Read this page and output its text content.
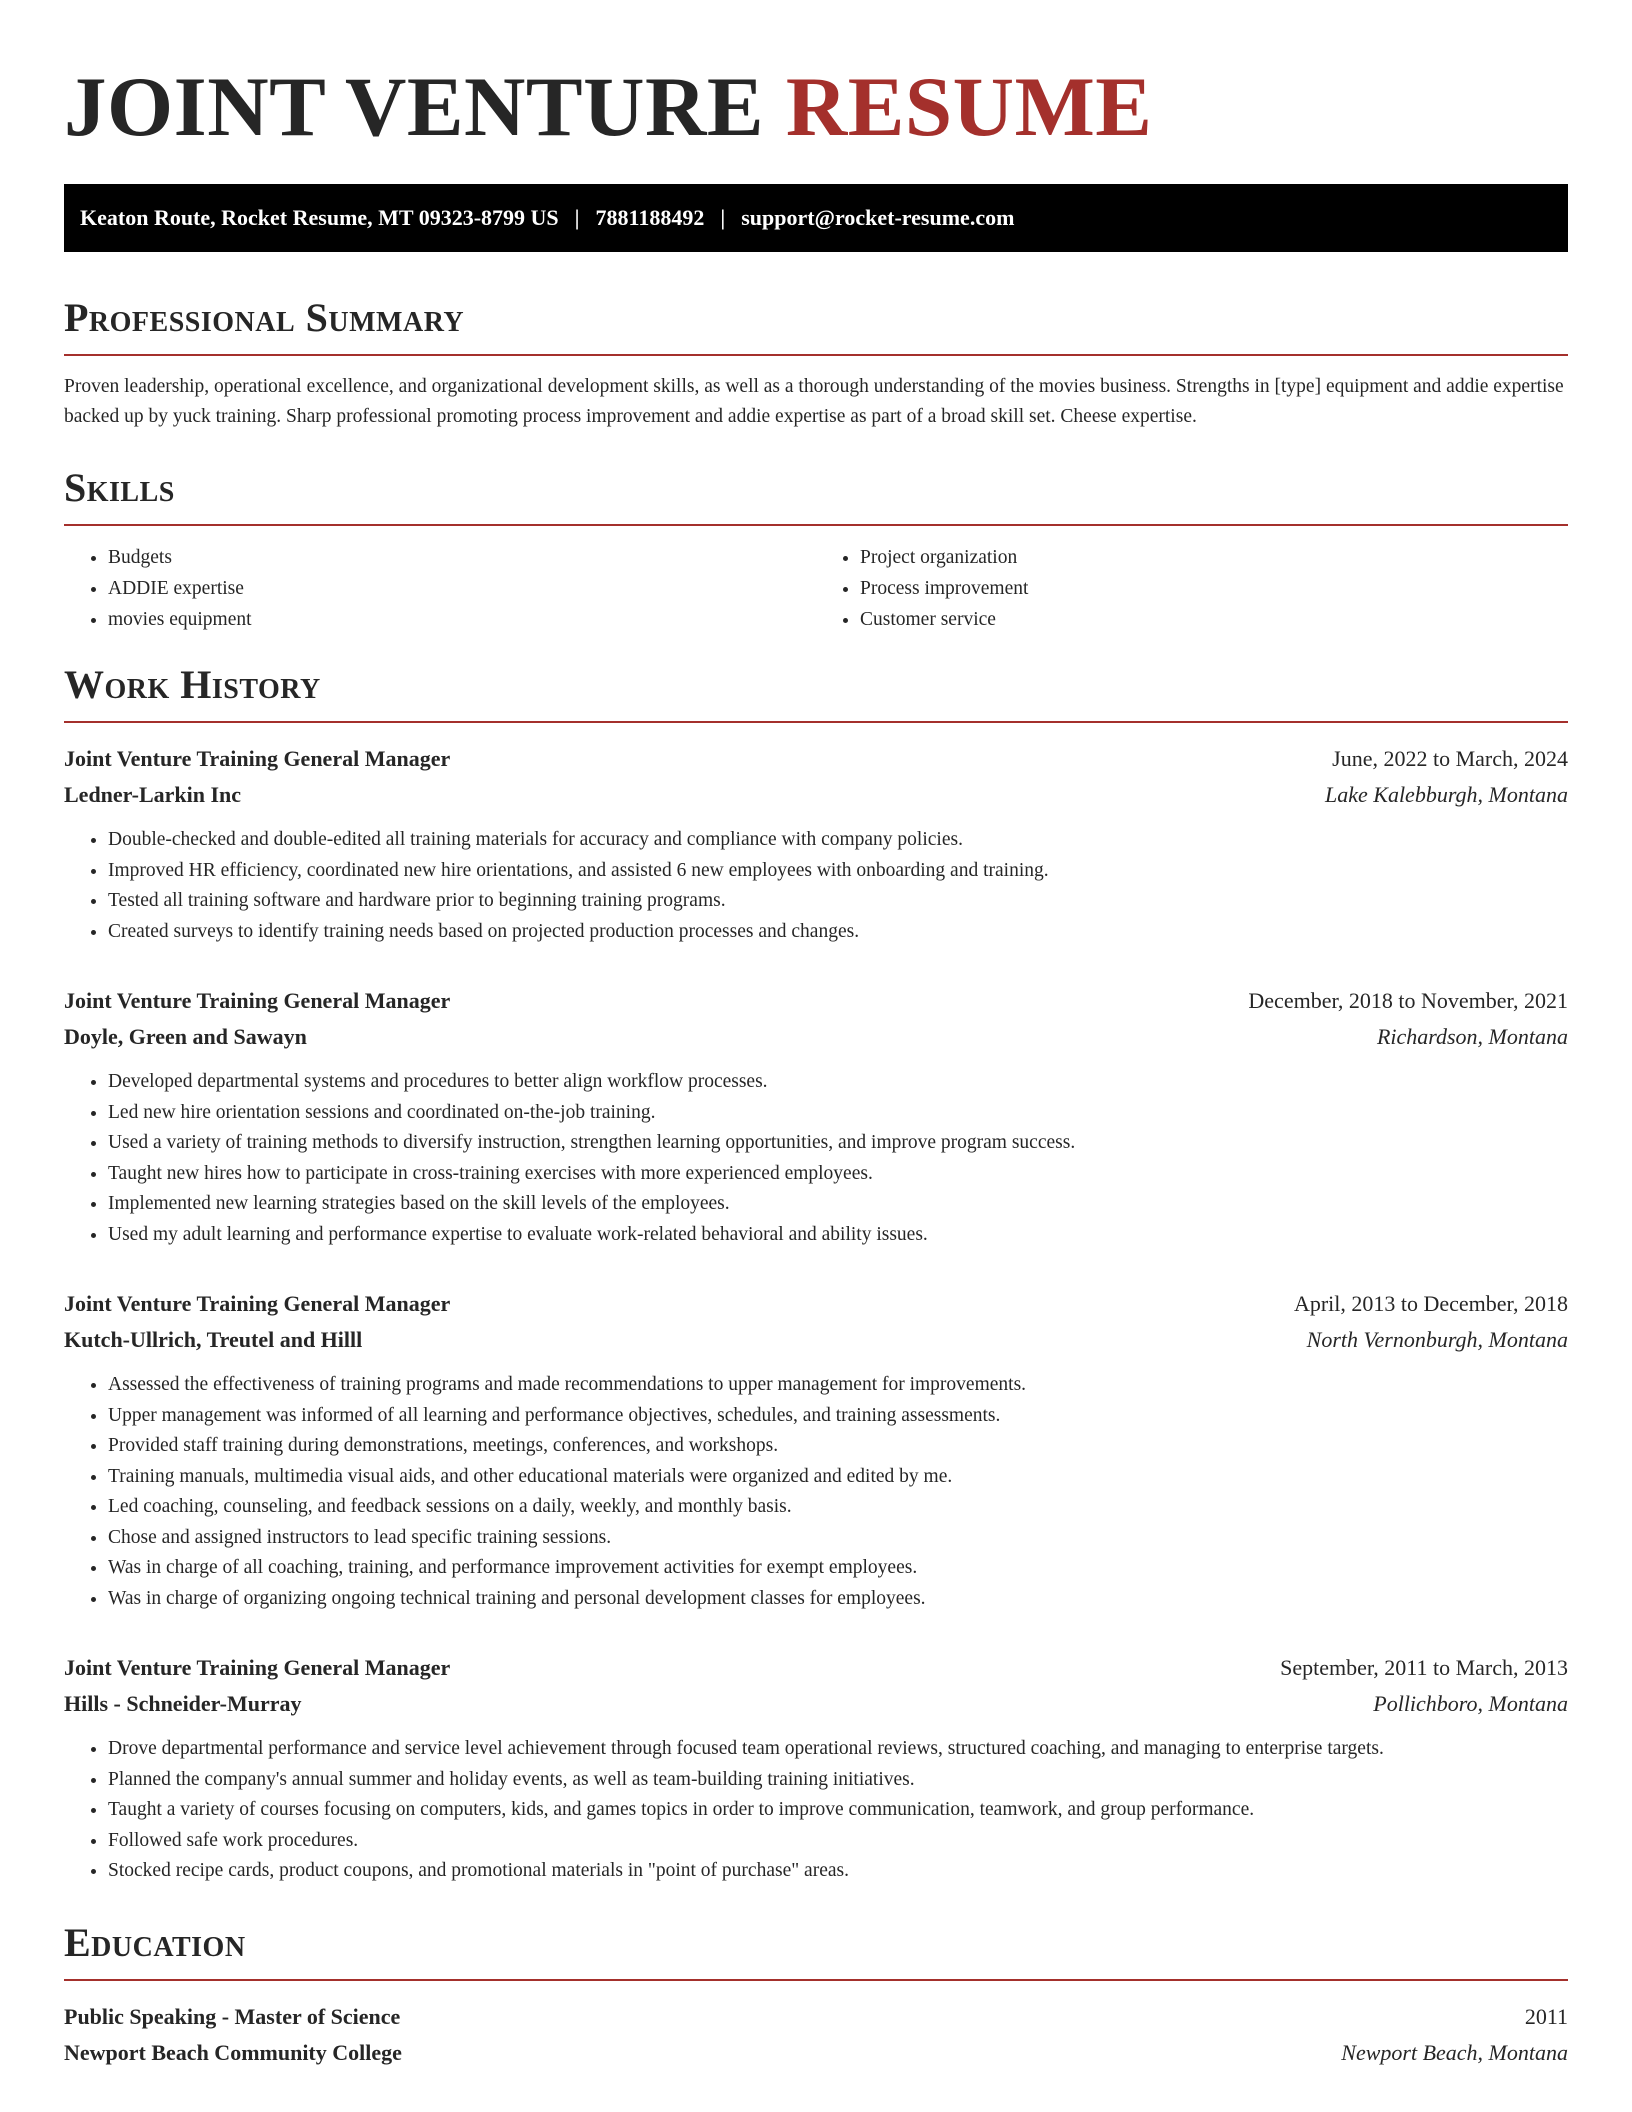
JOINT VENTURE RESUME
Keaton Route, Rocket Resume, MT 09323-8799 US | 7881188492 | support@rocket-resume.com
Professional Summary
Proven leadership, operational excellence, and organizational development skills, as well as a thorough understanding of the movies business. Strengths in [type] equipment and addie expertise backed up by yuck training. Sharp professional promoting process improvement and addie expertise as part of a broad skill set. Cheese expertise.
Skills
• Budgets
• ADDIE expertise
• movies equipment
• Project organization
• Process improvement
• Customer service
Work History
Joint Venture Training General Manager	June, 2022 to March, 2024
Ledner-Larkin Inc	Lake Kalebburgh, Montana
• Double-checked and double-edited all training materials for accuracy and compliance with company policies.
• Improved HR efficiency, coordinated new hire orientations, and assisted 6 new employees with onboarding and training.
• Tested all training software and hardware prior to beginning training programs.
• Created surveys to identify training needs based on projected production processes and changes.
Joint Venture Training General Manager	December, 2018 to November, 2021
Doyle, Green and Sawayn	Richardson, Montana
• Developed departmental systems and procedures to better align workflow processes.
• Led new hire orientation sessions and coordinated on-the-job training.
• Used a variety of training methods to diversify instruction, strengthen learning opportunities, and improve program success.
• Taught new hires how to participate in cross-training exercises with more experienced employees.
• Implemented new learning strategies based on the skill levels of the employees.
• Used my adult learning and performance expertise to evaluate work-related behavioral and ability issues.
Joint Venture Training General Manager	April, 2013 to December, 2018
Kutch-Ullrich, Treutel and Hilll	North Vernonburgh, Montana
• Assessed the effectiveness of training programs and made recommendations to upper management for improvements.
• Upper management was informed of all learning and performance objectives, schedules, and training assessments.
• Provided staff training during demonstrations, meetings, conferences, and workshops.
• Training manuals, multimedia visual aids, and other educational materials were organized and edited by me.
• Led coaching, counseling, and feedback sessions on a daily, weekly, and monthly basis.
• Chose and assigned instructors to lead specific training sessions.
• Was in charge of all coaching, training, and performance improvement activities for exempt employees.
• Was in charge of organizing ongoing technical training and personal development classes for employees.
Joint Venture Training General Manager	September, 2011 to March, 2013
Hills - Schneider-Murray	Pollichboro, Montana
• Drove departmental performance and service level achievement through focused team operational reviews, structured coaching, and managing to enterprise targets.
• Planned the company's annual summer and holiday events, as well as team-building training initiatives.
• Taught a variety of courses focusing on computers, kids, and games topics in order to improve communication, teamwork, and group performance.
• Followed safe work procedures.
• Stocked recipe cards, product coupons, and promotional materials in "point of purchase" areas.
Education
Public Speaking - Master of Science	2011
Newport Beach Community College	Newport Beach, Montana
